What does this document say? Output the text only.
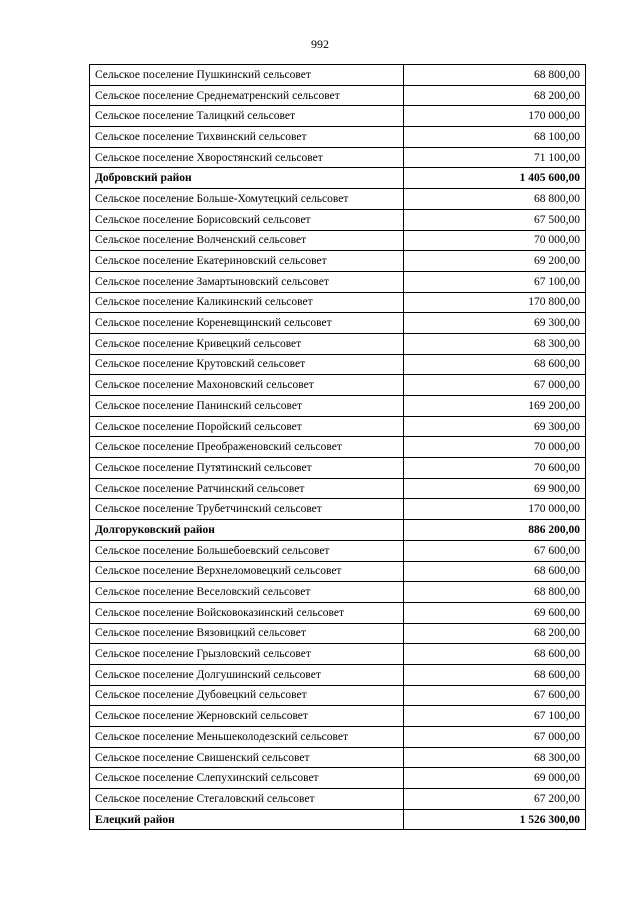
992
Сельское поселение Пушкинский сельсовет	68 800,00
Сельское поселение Среднематренский сельсовет	68 200,00
Сельское поселение Талицкий сельсовет	170 000,00
Сельское поселение Тихвинский сельсовет	68 100,00
Сельское поселение Хворостянский сельсовет	71 100,00
Добровский район	1 405 600,00
Сельское поселение Больше-Хомутецкий сельсовет	68 800,00
Сельское поселение Борисовский сельсовет	67 500,00
Сельское поселение Волченский сельсовет	70 000,00
Сельское поселение Екатериновский сельсовет	69 200,00
Сельское поселение Замартыновский сельсовет	67 100,00
Сельское поселение Каликинский сельсовет	170 800,00
Сельское поселение Кореневщинский сельсовет	69 300,00
Сельское поселение Кривецкий сельсовет	68 300,00
Сельское поселение Крутовский сельсовет	68 600,00
Сельское поселение Махоновский сельсовет	67 000,00
Сельское поселение Панинский сельсовет	169 200,00
Сельское поселение Поройский сельсовет	69 300,00
Сельское поселение Преображеновский сельсовет	70 000,00
Сельское поселение Путятинский сельсовет	70 600,00
Сельское поселение Ратчинский сельсовет	69 900,00
Сельское поселение Трубетчинский сельсовет	170 000,00
Долгоруковский район	886 200,00
Сельское поселение Большебоевский сельсовет	67 600,00
Сельское поселение Верхнеломовецкий сельсовет	68 600,00
Сельское поселение Веселовский сельсовет	68 800,00
Сельское поселение Войсковоказинский сельсовет	69 600,00
Сельское поселение Вязовицкий сельсовет	68 200,00
Сельское поселение Грызловский сельсовет	68 600,00
Сельское поселение Долгушинский сельсовет	68 600,00
Сельское поселение Дубовецкий сельсовет	67 600,00
Сельское поселение Жерновский сельсовет	67 100,00
Сельское поселение Меньшеколодезский сельсовет	67 000,00
Сельское поселение Свишенский сельсовет	68 300,00
Сельское поселение Слепухинский сельсовет	69 000,00
Сельское поселение Стегаловский сельсовет	67 200,00
Елецкий район	1 526 300,00
